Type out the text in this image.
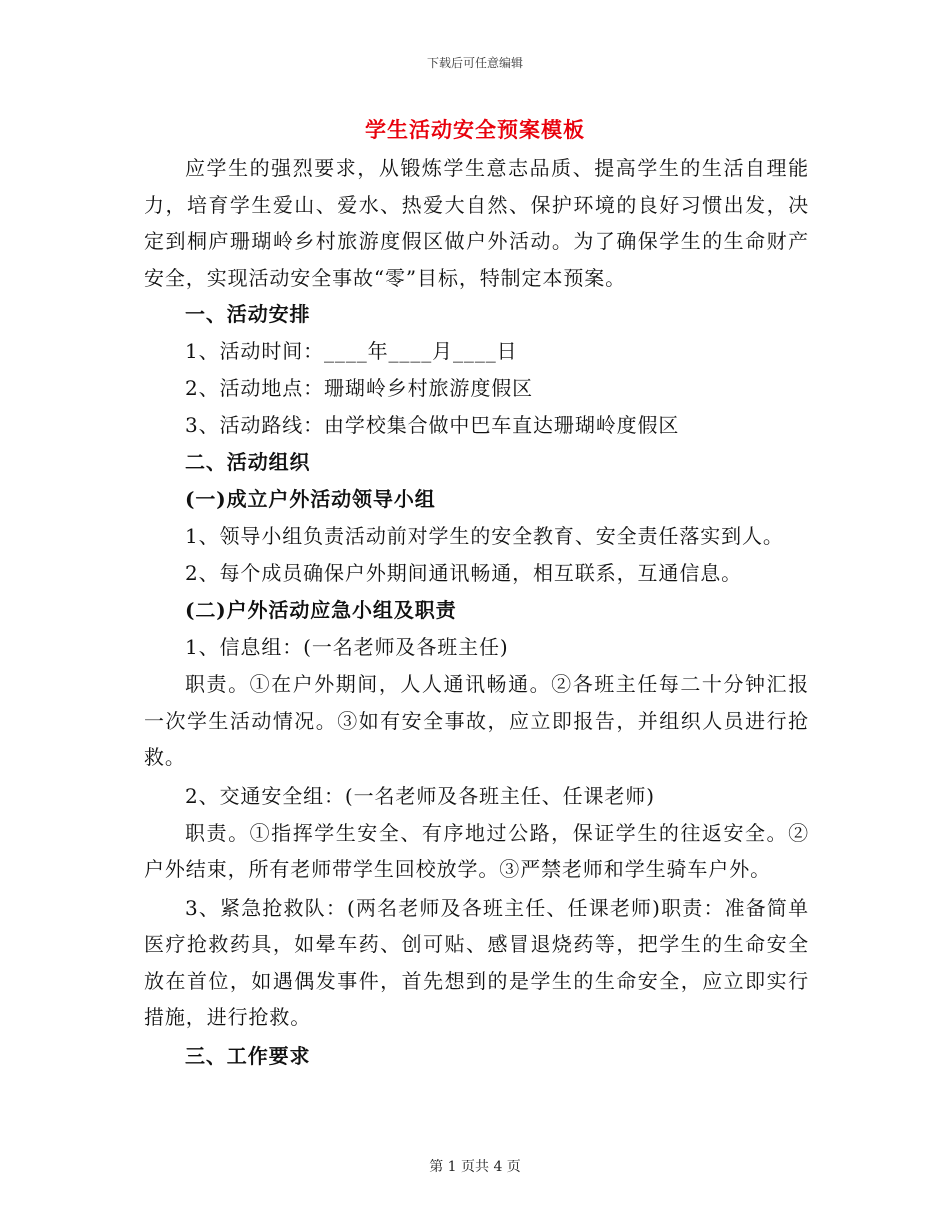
下载后可任意编辑
学生活动安全预案模板

应学生的强烈要求，从锻炼学生意志品质、提高学生的生活自理能力，培育学生爱山、爱水、热爱大自然、保护环境的良好习惯出发，决定到桐庐珊瑚岭乡村旅游度假区做户外活动。为了确保学生的生命财产安全，实现活动安全事故“零”目标，特制定本预案。

一、活动安排

1、活动时间：____年____月____日

2、活动地点：珊瑚岭乡村旅游度假区

3、活动路线：由学校集合做中巴车直达珊瑚岭度假区

二、活动组织

(一)成立户外活动领导小组

1、领导小组负责活动前对学生的安全教育、安全责任落实到人。

2、每个成员确保户外期间通讯畅通，相互联系，互通信息。

(二)户外活动应急小组及职责

1、信息组：(一名老师及各班主任)

职责。①在户外期间，人人通讯畅通。②各班主任每二十分钟汇报一次学生活动情况。③如有安全事故，应立即报告，并组织人员进行抢救。

2、交通安全组：(一名老师及各班主任、任课老师)

职责。①指挥学生安全、有序地过公路，保证学生的往返安全。②户外结束，所有老师带学生回校放学。③严禁老师和学生骑车户外。

3、紧急抢救队：(两名老师及各班主任、任课老师)职责：准备简单医疗抢救药具，如晕车药、创可贴、感冒退烧药等，把学生的生命安全放在首位，如遇偶发事件，首先想到的是学生的生命安全，应立即实行措施，进行抢救。

三、工作要求

第 1 页共 4 页
